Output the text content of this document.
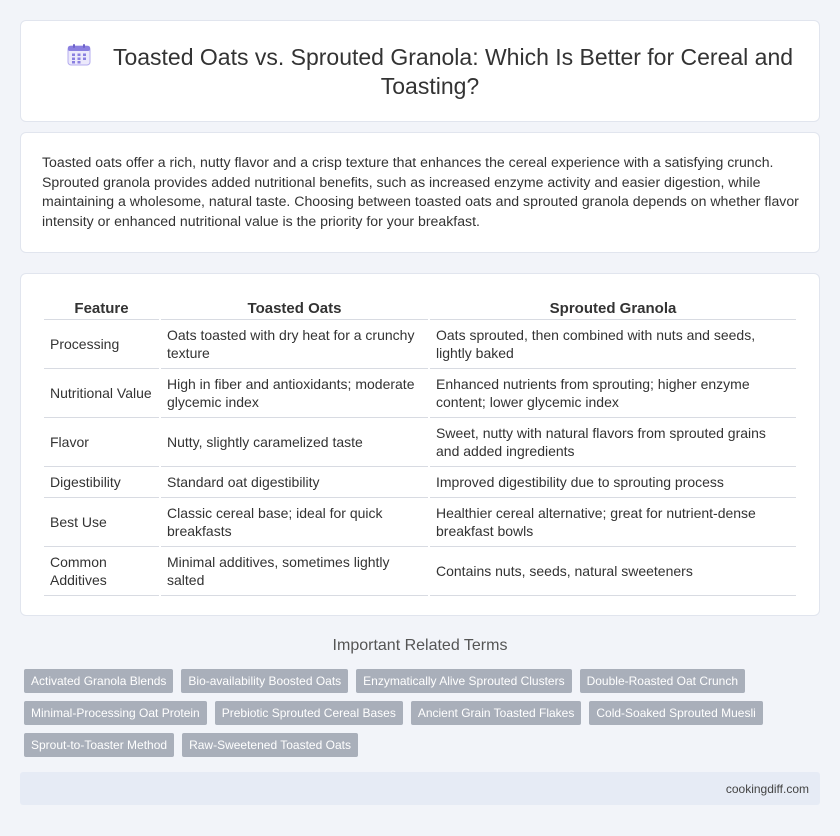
Toasted Oats vs. Sprouted Granola: Which Is Better for Cereal and Toasting?

Toasted oats offer a rich, nutty flavor and a crisp texture that enhances the cereal experience with a satisfying crunch. Sprouted granola provides added nutritional benefits, such as increased enzyme activity and easier digestion, while maintaining a wholesome, natural taste. Choosing between toasted oats and sprouted granola depends on whether flavor intensity or enhanced nutritional value is the priority for your breakfast.

Feature	Toasted Oats	Sprouted Granola
Processing	Oats toasted with dry heat for a crunchy texture	Oats sprouted, then combined with nuts and seeds, lightly baked
Nutritional Value	High in fiber and antioxidants; moderate glycemic index	Enhanced nutrients from sprouting; higher enzyme content; lower glycemic index
Flavor	Nutty, slightly caramelized taste	Sweet, nutty with natural flavors from sprouted grains and added ingredients
Digestibility	Standard oat digestibility	Improved digestibility due to sprouting process
Best Use	Classic cereal base; ideal for quick breakfasts	Healthier cereal alternative; great for nutrient-dense breakfast bowls
Common Additives	Minimal additives, sometimes lightly salted	Contains nuts, seeds, natural sweeteners
Important Related Terms
Activated Granola Blends	Bio-availability Boosted Oats	Enzymatically Alive Sprouted Clusters	Double-Roasted Oat Crunch
Minimal-Processing Oat Protein	Prebiotic Sprouted Cereal Bases	Ancient Grain Toasted Flakes	Cold-Soaked Sprouted Muesli
Sprout-to-Toaster Method	Raw-Sweetened Toasted Oats
cookingdiff.com
